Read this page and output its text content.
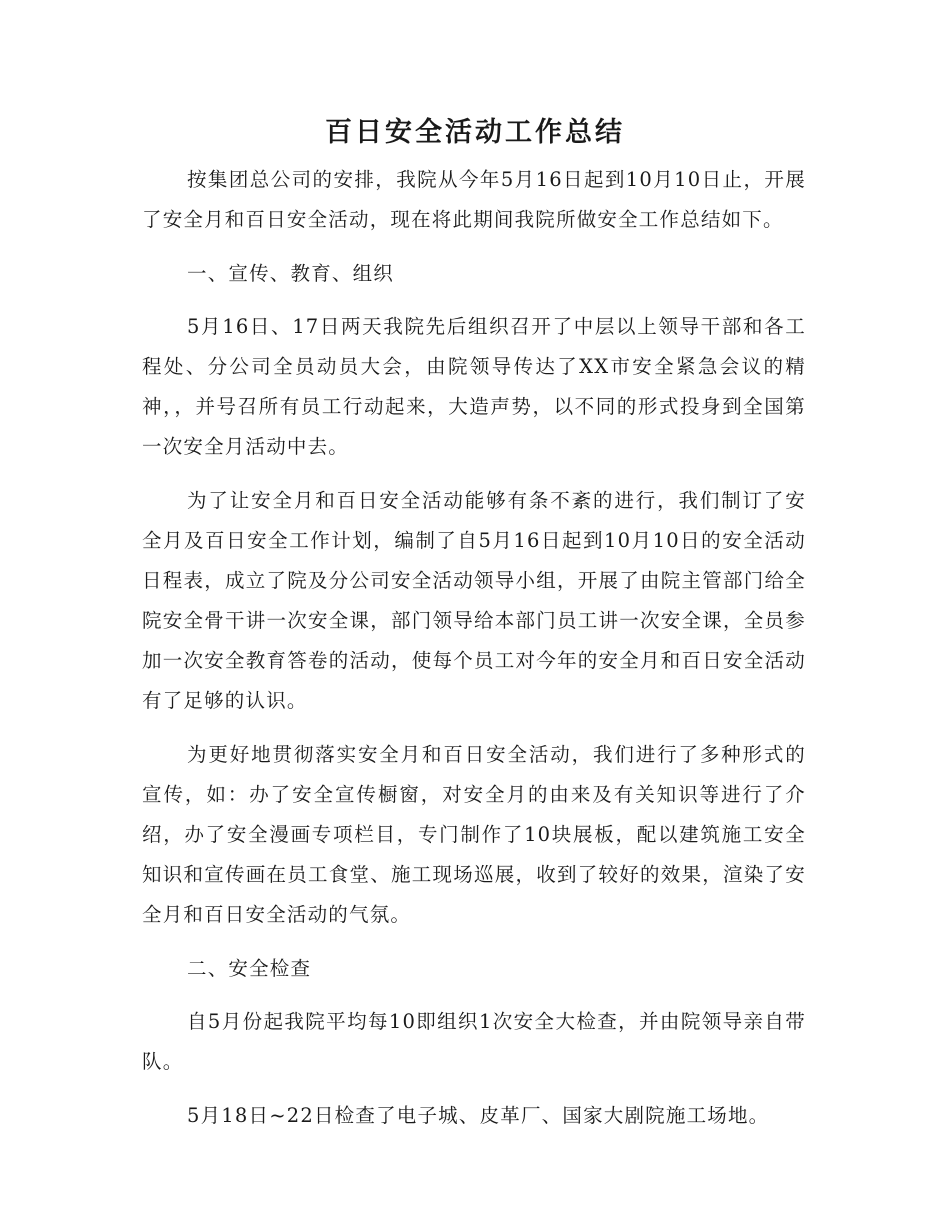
百日安全活动工作总结

按集团总公司的安排，我院从今年5月16日起到10月10日止，开展了安全月和百日安全活动，现在将此期间我院所做安全工作总结如下。

一、宣传、教育、组织

5月16日、17日两天我院先后组织召开了中层以上领导干部和各工程处、分公司全员动员大会，由院领导传达了XX市安全紧急会议的精神，，并号召所有员工行动起来，大造声势，以不同的形式投身到全国第一次安全月活动中去。

为了让安全月和百日安全活动能够有条不紊的进行，我们制订了安全月及百日安全工作计划，编制了自5月16日起到10月10日的安全活动日程表，成立了院及分公司安全活动领导小组，开展了由院主管部门给全院安全骨干讲一次安全课，部门领导给本部门员工讲一次安全课，全员参加一次安全教育答卷的活动，使每个员工对今年的安全月和百日安全活动有了足够的认识。

为更好地贯彻落实安全月和百日安全活动，我们进行了多种形式的宣传，如：办了安全宣传橱窗，对安全月的由来及有关知识等进行了介绍，办了安全漫画专项栏目，专门制作了10块展板，配以建筑施工安全知识和宣传画在员工食堂、施工现场巡展，收到了较好的效果，渲染了安全月和百日安全活动的气氛。

二、安全检查

自5月份起我院平均每10即组织1次安全大检查，并由院领导亲自带队。

5月18日~22日检查了电子城、皮革厂、国家大剧院施工场地。
